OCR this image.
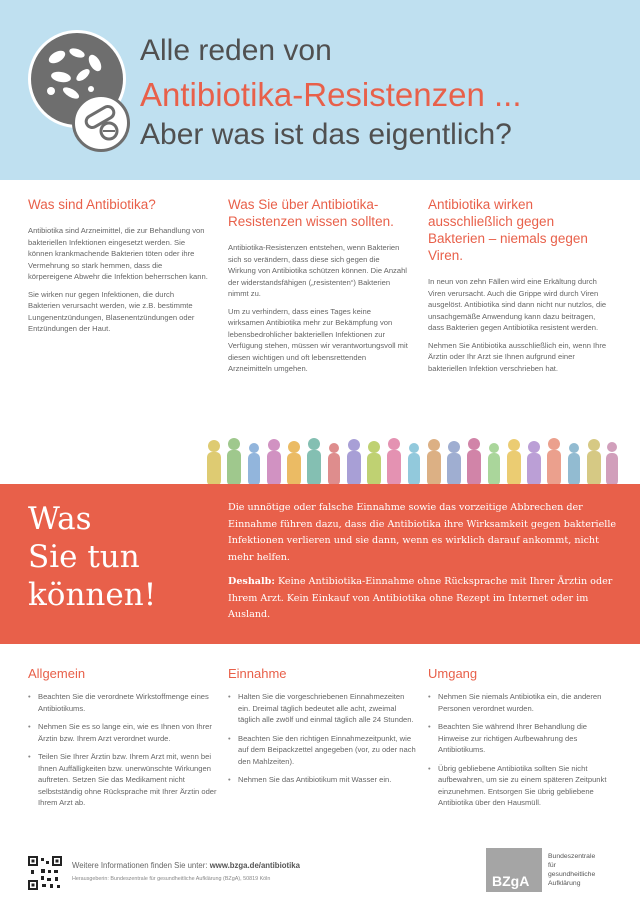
Alle reden von
Antibiotika-Resistenzen ...
Aber was ist das eigentlich?
Was sind Antibiotika?

Antibiotika sind Arzneimittel, die zur Behandlung von bakteriellen Infektionen eingesetzt werden. Sie können krankmachende Bakterien töten oder ihre Vermehrung so stark hemmen, dass die körpereigene Abwehr die Infektion beherrschen kann.

Sie wirken nur gegen Infektionen, die durch Bakterien verursacht werden, wie z.B. bestimmte Lungenentzündungen, Blasenentzündungen oder Entzündungen der Haut.

Was Sie über Antibiotika-Resistenzen wissen sollten.

Antibiotika-Resistenzen entstehen, wenn Bakterien sich so verändern, dass diese sich gegen die Wirkung von Antibiotika schützen können. Die Anzahl der widerstandsfähigen („resistenten“) Bakterien nimmt zu.

Um zu verhindern, dass eines Tages keine wirksamen Antibiotika mehr zur Bekämpfung von lebensbedrohlicher bakteriellen Infektionen zur Verfügung stehen, müssen wir verantwortungsvoll mit diesen wichtigen und oft lebensrettenden Arzneimitteln umgehen.

Antibiotika wirken ausschließlich gegen Bakterien – niemals gegen Viren.

In neun von zehn Fällen wird eine Erkältung durch Viren verursacht. Auch die Grippe wird durch Viren ausgelöst. Antibiotika sind dann nicht nur nutzlos, die unsachgemäße Anwendung kann dazu beitragen, dass Bakterien gegen Antibiotika resistent werden.

Nehmen Sie Antibiotika ausschließlich ein, wenn Ihre Ärztin oder Ihr Arzt sie Ihnen aufgrund einer bakteriellen Infektion verschrieben hat.

Was
Sie tun
können!
Die unnötige oder falsche Einnahme sowie das vorzeitige Abbrechen der Einnahme führen dazu, dass die Antibiotika ihre Wirksamkeit gegen bakterielle Infektionen verlieren und sie dann, wenn es wirklich darauf ankommt, nicht mehr helfen.
Deshalb: Keine Antibiotika-Einnahme ohne Rücksprache mit Ihrer Ärztin oder Ihrem Arzt. Kein Einkauf von Antibiotika ohne Rezept im Internet oder im Ausland.
Allgemein
• Beachten Sie die verordnete Wirkstoffmenge eines Antibiotikums.
• Nehmen Sie es so lange ein, wie es Ihnen von Ihrer Ärztin bzw. Ihrem Arzt verordnet wurde.
• Teilen Sie Ihrer Ärztin bzw. Ihrem Arzt mit, wenn bei Ihnen Auffälligkeiten bzw. unerwünschte Wirkungen auftreten. Setzen Sie das Medikament nicht selbstständig ohne Rücksprache mit Ihrer Ärztin oder Ihrem Arzt ab.
Einnahme
• Halten Sie die vorgeschriebenen Einnahmezeiten ein. Dreimal täglich bedeutet alle acht, zweimal täglich alle zwölf und einmal täglich alle 24 Stunden.
• Beachten Sie den richtigen Einnahmezeitpunkt, wie auf dem Beipackzettel angegeben (vor, zu oder nach den Mahlzeiten).
• Nehmen Sie das Antibiotikum mit Wasser ein.
Umgang
• Nehmen Sie niemals Antibiotika ein, die anderen Personen verordnet wurden.
• Beachten Sie während Ihrer Behandlung die Hinweise zur richtigen Aufbewahrung des Antibiotikums.
• Übrig gebliebene Antibiotika sollten Sie nicht aufbewahren, um sie zu einem späteren Zeitpunkt einzunehmen. Entsorgen Sie übrig gebliebene Antibiotika über den Hausmüll.
Weitere Informationen finden Sie unter: www.bzga.de/antibiotika
Herausgeberin: Bundeszentrale für gesundheitliche Aufklärung (BZgA), 50819 Köln	BZgA
Bundeszentrale
für
gesundheitliche
Aufklärung
